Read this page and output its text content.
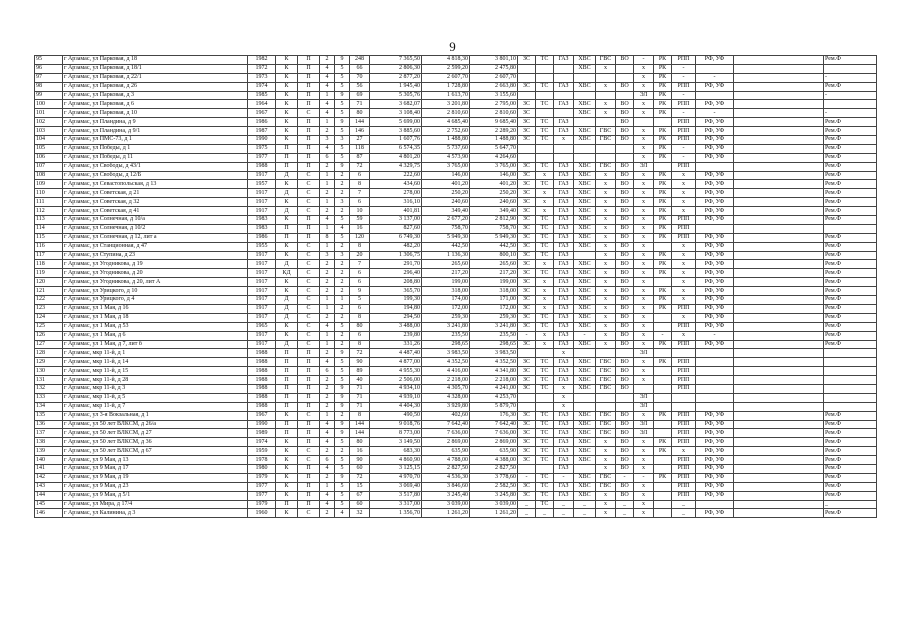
9
95	г Арзамас, ул Парковая, д 18	1982	К	П	2	9	248	7 365,50	4 818,30	3 801,10	ЗС	ТС	ГАЗ	ХВС	ГВС	ВО	-	РК	РПП	РФ, УФ		Рем.Ф
96	г Арзамас, ул Парковая, д 18/1	1972	К	П	4	5	66	2 806,30	2 599,20	2 475,80				ХВС	х		х	РК	-			
97	г Арзамас, ул Парковая, д 22/1	1973	К	П	4	5	70	2 877,20	2 607,70	2 607,70							х	РК	-	-		-
98	г Арзамас, ул Парковая, д 26	1974	К	П	4	5	56	1 945,40	1 728,80	2 663,80	ЗС	ТС	ГАЗ	ХВС	х	ВО	х	РК	РПП	РФ, УФ		Рем.Ф
99	г Арзамас, ул Парковая, д 3	1985	К	П	1	9	69	5 305,76	1 613,70	3 155,60							ЭЛ	РК	-			-
100	г Арзамас, ул Парковая, д 6	1964	К	П	4	5	71	3 682,07	3 201,80	2 795,00	ЗС	ТС	ГАЗ	ХВС	х	ВО	х	РК	РПП	РФ, УФ		
101	г Арзамас, ул Парковая, д 10	1967	К	С	4	5	80	3 108,40	2 810,60	2 810,60	ЗС			ХВС	х	ВО	х	РК	-	-		-
102	г Арзамас, ул Пландина, д 9	1986	К	П	1	9	144	5 699,00	4 685,40	9 685,40	ЗС	ТС	ГАЗ			ВО			РПП	РФ, УФ		Рем.Ф
103	г Арзамас, ул Пландина, д 9/1	1987	К	П	2	5	146	3 885,60	2 752,60	2 289,20	ЗС	ТС	ГАЗ	ХВС	ГВС	ВО	х	РК	РПП	РФ, УФ		Рем.Ф
104	г Арзамас, ул ПМС-73, д 1	1990	К	П	3	3	27	1 607,76	1 488,80	1 488,80	ЗС	ТС	х	ХВС	ГВС	ВО	х	РК	РПП	РФ, УФ		Рем.Ф
105	г Арзамас, ул Победы, д 1	1975	П	П	4	5	118	6 574,35	5 737,60	5 647,70							х	РК	-	РФ, УФ		Рем.Ф
106	г Арзамас, ул Победы, д 11	1977	П	П	6	5	87	4 801,20	4 573,90	4 264,60							х	РК	-	РФ, УФ		Рем.Ф
107	г Арзамас, ул Свободы, д 43/1	1988	П	П	2	9	72	4 329,75	3 765,00	3 765,00	ЗС	ТС	ГАЗ	ХВС	ГВС	ВО	ЭЛ		РПП			Рем.Ф
108	г Арзамас, ул Свободы, д 12/Б	1917	Д	С	1	2	6	222,60	146,00	146,00	ЗС	х	ГАЗ	ХВС	х	ВО	х	РК	х	РФ, УФ		Рем.Ф
109	г Арзамас, ул Севастопольская, д 13	1957	К	С	1	2	8	434,60	401,20	401,20	ЗС	ТС	ГАЗ	ХВС	х	ВО	х	РК	х	РФ, УФ		Рем.Ф
110	г Арзамас, ул Советская, д 21	1917	Д	С	2	2	7	278,00	250,20	250,20	ЗС	х	ГАЗ	ХВС	х	ВО	х	РК	х	РФ, УФ		Рем.Ф
111	г Арзамас, ул Советская, д 32	1917	К	С	1	3	6	316,10	240,60	240,60	ЗС	х	ГАЗ	ХВС	х	ВО	х	РК	х	РФ, УФ		Рем.Ф
112	г Арзамас, ул Советская, д 41	1917	Д	С	2	2	10	401,81	349,40	349,40	ЗС	х	ГАЗ	ХВС	х	ВО	х	РК	х	РФ, УФ		Рем.Ф
113	г Арзамас, ул Солнечная, д 10/а	1983	К	П	4	5	59	3 137,00	2 677,20	2 812,90	ЗС	ТС	ГАЗ	ХВС	х	ВО	х	РК	РПП	РФ, УФ		Рем.Ф
114	г Арзамас, ул Солнечная, д 10/2	1983	П	П	1	4	16	827,60	758,70	758,70	ЗС	ТС	ГАЗ	ХВС	х	ВО	х	РК	РПП			
115	г Арзамас, ул Солнечная, д 12, лит а	1986	П	П	8	5	120	6 749,30	5 949,30	5 949,30	ЗС	ТС	ГАЗ	ХВС	х	ВО	х	РК	РПП	РФ, УФ		Рем.Ф
116	г Арзамас, ул Станционная, д 47	1955	К	С	1	2	8	482,20	442,50	442,50	ЗС	ТС	ГАЗ	ХВС	х	ВО	х		х	РФ, УФ		Рем.Ф
117	г Арзамас, ул Ступина, д 23	1917	К	С	3	3	20	1 306,75	1 136,30	800,10	ЗС	ТС	ГАЗ		х	ВО	х	РК	х	РФ, УФ		Рем.Ф
118	г Арзамас, ул Угодникова, д 19	1917	Д	С	2	2	7	291,70	265,60	265,60	ЗС	х	ГАЗ	ХВС	х	ВО	х	РК	х	РФ, УФ		Рем.Ф
119	г Арзамас, ул Угодникова, д 20	1917	КД	С	2	2	6	296,40	217,20	217,20	ЗС	ТС	ГАЗ	ХВС	х	ВО	х	РК	х	РФ, УФ		Рем.Ф
120	г Арзамас, ул Угодникова, д 20, лит А	1917	К	С	2	2	6	208,80	199,00	199,00	ЗС	х	ГАЗ	ХВС	х	ВО	х		х	РФ, УФ		Рем.Ф
121	г Арзамас, ул Урицкого, д 10	1917	К	С	2	2	9	365,70	318,00	318,00	ЗС	х	ГАЗ	ХВС	х	ВО	х	РК	х	РФ, УФ		Рем.Ф
122	г Арзамас, ул Урицкого, д 4	1917	Д	С	1	1	5	199,30	174,00	171,00	ЗС	х	ГАЗ	ХВС	х	ВО	х	РК	х	РФ, УФ		Рем.Ф
123	г Арзамас, ул 1 Мая, д 16	1917	Д	С	1	2	6	194,80	172,00	172,00	ЗС	х	ГАЗ	ХВС	х	ВО	х	РК	РПП	РФ, УФ		Рем.Ф
124	г Арзамас, ул 1 Мая, д 18	1917	Д	С	2	2	8	294,50	259,30	259,30	ЗС	ТС	ГАЗ	ХВС	х	ВО	х		х	РФ, УФ		Рем.Ф
125	г Арзамас, ул 1 Мая, д 53	1965	К	С	4	5	80	3 488,00	3 241,80	3 241,80	ЗС	ТС	ГАЗ	ХВС	х	ВО	х		РПП	РФ, УФ		Рем.Ф
126	г Арзамас, ул 1 Мая, д 6	1917	К	С	1	2	6	239,80	235,50	235,50	-	х	ГАЗ	-	х	ВО	х	-	х	-		Рем.Ф
127	г Арзамас, ул 1 Мая, д 7, лит б	1917	Д	С	1	2	8	331,26	298,65	298,65	ЗС	х	ГАЗ	ХВС	х	ВО	х	РК	РПП	РФ, УФ		Рем.Ф
128	г Арзамас, мкр 11-й, д 1	1988	П	П	2	9	72	4 487,40	3 983,50	3 983,50			х				ЭЛ					
129	г Арзамас, мкр 11-й, д 14	1988	П	П	4	5	90	4 877,00	4 352,50	4 352,50	ЗС	ТС	ГАЗ	ХВС	ГВС	ВО	х	РК	РПП			
130	г Арзамас, мкр 11-й, д 15	1988	П	П	6	5	89	4 955,30	4 416,00	4 341,80	ЗС	ТС	ГАЗ	ХВС	ГВС	ВО	х		РПП			
131	г Арзамас, мкр 11-й, д 28	1988	П	П	2	5	40	2 506,00	2 218,00	2 218,00	ЗС	ТС	ГАЗ	ХВС	ГВС	ВО	х		РПП			
132	г Арзамас, мкр 11-й, д 3	1988	П	П	2	9	71	4 934,10	4 305,70	4 241,00	ЗС	ТС	х	ХВС	ГВС	ВО			РПП			
133	г Арзамас, мкр 11-й, д 5	1988	П	П	2	9	71	4 939,10	4 328,00	4 253,70			х				ЭЛ					
134	г Арзамас, мкр 11-й, д 7	1988	П	П	2	9	71	4 404,30	3 929,80	5 879,70			х				ЭЛ					
135	г Арзамас, ул 3-я Вокзальная, д 1	1967	К	С	1	2	8	490,50	402,60	176,30	ЗС	ТС	ГАЗ	ХВС	ГВС	ВО	х	РК	РПП	РФ, УФ		Рем.Ф
136	г Арзамас, ул 50 лет ВЛКСМ, д 26/а	1990	П	П	4	9	144	9 018,76	7 642,40	7 642,40	ЗС	ТС	ГАЗ	ХВС	ГВС	ВО	ЭЛ		РПП	РФ, УФ		Рем.Ф
137	г Арзамас, ул 50 лет ВЛКСМ, д 27	1989	П	П	4	9	144	8 773,00	7 636,00	7 636,00	ЗС	ТС	ГАЗ	ХВС	ГВС	ВО	ЭЛ		РПП	РФ, УФ		Рем.Ф
138	г Арзамас, ул 50 лет ВЛКСМ, д 36	1974	К	П	4	5	80	3 149,50	2 869,00	2 869,00	ЗС	ТС	ГАЗ	ХВС	х	ВО	х	РК	РПП	РФ, УФ		Рем.Ф
139	г Арзамас, ул 50 лет ВЛКСМ, д 67	1959	К	С	2	2	16	683,30	635,90	635,90	ЗС	ТС	ГАЗ	ХВС	х	ВО	х	РК	х	РФ, УФ		Рем.Ф
140	г Арзамас, ул 9 Мая, д 13	1978	К	С	6	5	90	4 860,90	4 788,00	4 388,00	ЗС	ТС	ГАЗ	ХВС	х	ВО	х		РПП	РФ, УФ		Рем.Ф
141	г Арзамас, ул 9 Мая, д 17	1980	К	П	4	5	60	3 125,15	2 827,50	2 827,50			ГАЗ		х	ВО	х		РПП	РФ, УФ		Рем.Ф
142	г Арзамас, ул 9 Мая, д 19	1979	К	П	2	9	72	4 970,70	4 536,30	3 778,60	-	ТС	-	ХВС	ГВС	-	-	РК	РПП	РФ, УФ		Рем.Ф
143	г Арзамас, ул 9 Мая, д 23	1977	К	П	1	5	15	3 069,40	3 846,60	2 582,50	ЗС	ТС	ГАЗ	ХВС	ГВС	ВО	х		РПП	РФ, УФ		Рем.Ф
144	г Арзамас, ул 9 Мая, д 5/1	1977	К	П	4	5	67	3 517,80	3 245,40	3 245,80	ЗС	ТС	ГАЗ	ХВС	х	ВО	х		РПП	РФ, УФ		Рем.Ф
145	г Арзамас, ул Мира, д 17/4	1979	П	П	4	5	60	3 317,00	3 039,00	3 039,00	_	ТС	_	_	х	_	х		_			_
146	г Арзамас, ул Калинина, д 3	1960	К	С	2	4	32	1 356,70	1 261,20	1 261,20	_	_	_	_	х	_	х		_	РФ, УФ		Рем.Ф
